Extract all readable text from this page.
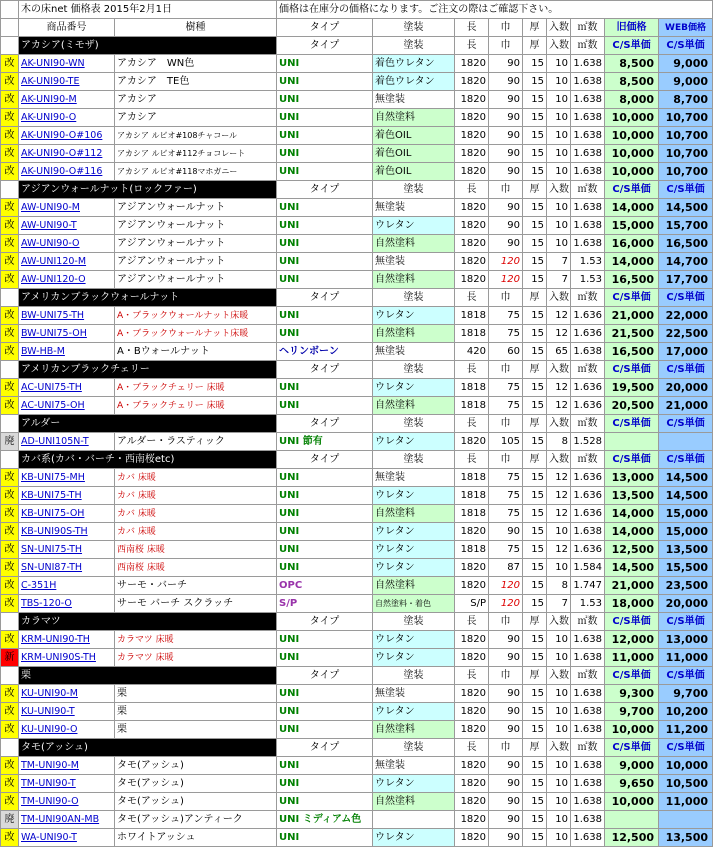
	木の床net 価格表 2015年2月1日		価格は在庫分の価格になります。ご注文の際はご確認下さい。								
	商品番号	樹種	タイプ	塗装	長	巾	厚	入数	㎡数	旧価格	WEB価格
	アカシア(ミモザ)		タイプ	塗装	長	巾	厚	入数	㎡数	C/S単価	C/S単価
改	AK-UNI90-WN	アカシア　WN色	UNI	着色ウレタン	1820	90	15	10	1.638	8,500	9,000
改	AK-UNI90-TE	アカシア　TE色	UNI	着色ウレタン	1820	90	15	10	1.638	8,500	9,000
改	AK-UNI90-M	アカシア	UNI	無塗装	1820	90	15	10	1.638	8,000	8,700
改	AK-UNI90-O	アカシア	UNI	自然塗料	1820	90	15	10	1.638	10,000	10,700
改	AK-UNI90-O#106	アカシア ルビオ#108チャコール	UNI	着色OIL	1820	90	15	10	1.638	10,000	10,700
改	AK-UNI90-O#112	アカシア ルビオ#112チョコレート	UNI	着色OIL	1820	90	15	10	1.638	10,000	10,700
改	AK-UNI90-O#116	アカシア ルビオ#118マホガニー	UNI	着色OIL	1820	90	15	10	1.638	10,000	10,700
	アジアンウォールナット(ロックファー)		タイプ	塗装	長	巾	厚	入数	㎡数	C/S単価	C/S単価
改	AW-UNI90-M	アジアンウォールナット	UNI	無塗装	1820	90	15	10	1.638	14,000	14,500
改	AW-UNI90-T	アジアンウォールナット	UNI	ウレタン	1820	90	15	10	1.638	15,000	15,700
改	AW-UNI90-O	アジアンウォールナット	UNI	自然塗料	1820	90	15	10	1.638	16,000	16,500
改	AW-UNI120-M	アジアンウォールナット	UNI	無塗装	1820	120	15	7	1.53	14,000	14,700
改	AW-UNI120-O	アジアンウォールナット	UNI	自然塗料	1820	120	15	7	1.53	16,500	17,700
	アメリカンブラックウォールナット		タイプ	塗装	長	巾	厚	入数	㎡数	C/S単価	C/S単価
改	BW-UNI75-TH	A・ブラックウォールナット床暖	UNI	ウレタン	1818	75	15	12	1.636	21,000	22,000
改	BW-UNI75-OH	A・ブラックウォールナット床暖	UNI	自然塗料	1818	75	15	12	1.636	21,500	22,500
改	BW-HB-M	A・Bウォールナット	ヘリンボーン	無塗装	420	60	15	65	1.638	16,500	17,000
	アメリカンブラックチェリー		タイプ	塗装	長	巾	厚	入数	㎡数	C/S単価	C/S単価
改	AC-UNI75-TH	A・ブラックチェリー 床暖	UNI	ウレタン	1818	75	15	12	1.636	19,500	20,000
改	AC-UNI75-OH	A・ブラックチェリー 床暖	UNI	自然塗料	1818	75	15	12	1.636	20,500	21,000
	アルダー		タイプ	塗装	長	巾	厚	入数	㎡数	C/S単価	C/S単価
廃	AD-UNI105N-T	アルダー・ラスティック	UNI 節有	ウレタン	1820	105	15	8	1.528		
	カバ系(カバ・バーチ・西南桜etc)		タイプ	塗装	長	巾	厚	入数	㎡数	C/S単価	C/S単価
改	KB-UNI75-MH	カバ 床暖	UNI	無塗装	1818	75	15	12	1.636	13,000	14,500
改	KB-UNI75-TH	カバ 床暖	UNI	ウレタン	1818	75	15	12	1.636	13,500	14,500
改	KB-UNI75-OH	カバ 床暖	UNI	自然塗料	1818	75	15	12	1.636	14,000	15,000
改	KB-UNI90S-TH	カバ 床暖	UNI	ウレタン	1820	90	15	10	1.638	14,000	15,000
改	SN-UNI75-TH	西南桜 床暖	UNI	ウレタン	1818	75	15	12	1.636	12,500	13,500
改	SN-UNI87-TH	西南桜 床暖	UNI	ウレタン	1820	87	15	10	1.584	14,500	15,500
改	C-351H	サーモ・バーチ	OPC	自然塗料	1820	120	15	8	1.747	21,000	23,500
改	TBS-120-O	サーモ バーチ スクラッチ	S/P	自然塗料・着色	S/P	120	15	7	1.53	18,000	20,000
	カラマツ		タイプ	塗装	長	巾	厚	入数	㎡数	C/S単価	C/S単価
改	KRM-UNI90-TH	カラマツ 床暖	UNI	ウレタン	1820	90	15	10	1.638	12,000	13,000
新	KRM-UNI90S-TH	カラマツ 床暖	UNI	ウレタン	1820	90	15	10	1.638	11,000	11,000
	栗		タイプ	塗装	長	巾	厚	入数	㎡数	C/S単価	C/S単価
改	KU-UNI90-M	栗	UNI	無塗装	1820	90	15	10	1.638	9,300	9,700
改	KU-UNI90-T	栗	UNI	ウレタン	1820	90	15	10	1.638	9,700	10,200
改	KU-UNI90-O	栗	UNI	自然塗料	1820	90	15	10	1.638	10,000	11,200
	タモ(アッシュ)		タイプ	塗装	長	巾	厚	入数	㎡数	C/S単価	C/S単価
改	TM-UNI90-M	タモ(アッシュ)	UNI	無塗装	1820	90	15	10	1.638	9,000	10,000
改	TM-UNI90-T	タモ(アッシュ)	UNI	ウレタン	1820	90	15	10	1.638	9,650	10,500
改	TM-UNI90-O	タモ(アッシュ)	UNI	自然塗料	1820	90	15	10	1.638	10,000	11,000
廃	TM-UNI90AN-MB	タモ(アッシュ)アンティーク	UNI ミディアム色		1820	90	15	10	1.638		
改	WA-UNI90-T	ホワイトアッシュ	UNI	ウレタン	1820	90	15	10	1.638	12,500	13,500
